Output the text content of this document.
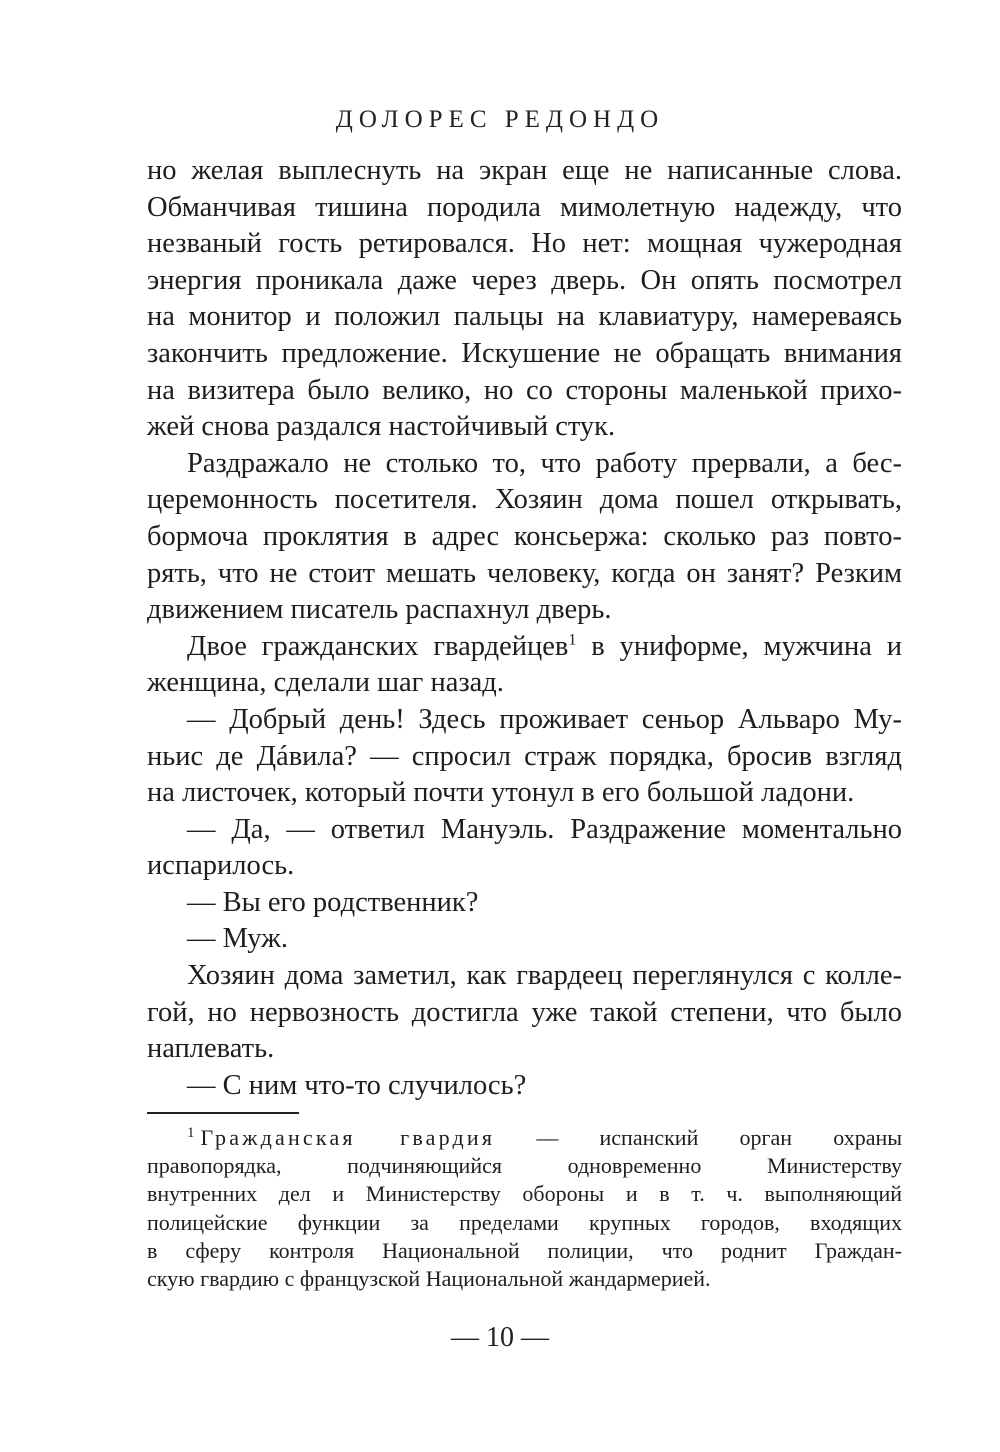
ДОЛОРЕС РЕДОНДО
но желая выплеснуть на экран еще не написанные слова.
Обманчивая тишина породила мимолетную надежду, что
незваный гость ретировался. Но нет: мощная чужеродная
энергия проникала даже через дверь. Он опять посмотрел
на монитор и положил пальцы на клавиатуру, намереваясь
закончить предложение. Искушение не обращать внимания
на визитера было велико, но со стороны маленькой прихо-
жей снова раздался настойчивый стук.
Раздражало не столько то, что работу прервали, а бес-
церемонность посетителя. Хозяин дома пошел открывать,
бормоча проклятия в адрес консьержа: сколько раз повто-
рять, что не стоит мешать человеку, когда он занят? Резким
движением писатель распахнул дверь.
Двое гражданских гвардейцев$^1$ в униформе, мужчина и
женщина, сделали шаг назад.
— Добрый день! Здесь проживает сеньор Альваро Му-
ньис де Дáвила? — спросил страж порядка, бросив взгляд
на листочек, который почти утонул в его большой ладони.
— Да, — ответил Мануэль. Раздражение моментально
испарилось.
— Вы его родственник?
— Муж.
Хозяин дома заметил, как гвардеец переглянулся с колле-
гой, но нервозность достигла уже такой степени, что было
наплевать.
— С ним что-то случилось?
$^1$ Гражданская гвардия — испанский орган охраны
правопорядка, подчиняющийся одновременно Министерству
внутренних дел и Министерству обороны и в т. ч. выполняющий
полицейские функции за пределами крупных городов, входящих
в сферу контроля Национальной полиции, что роднит Граждан-
скую гвардию с французской Национальной жандармерией.
— 10 —
